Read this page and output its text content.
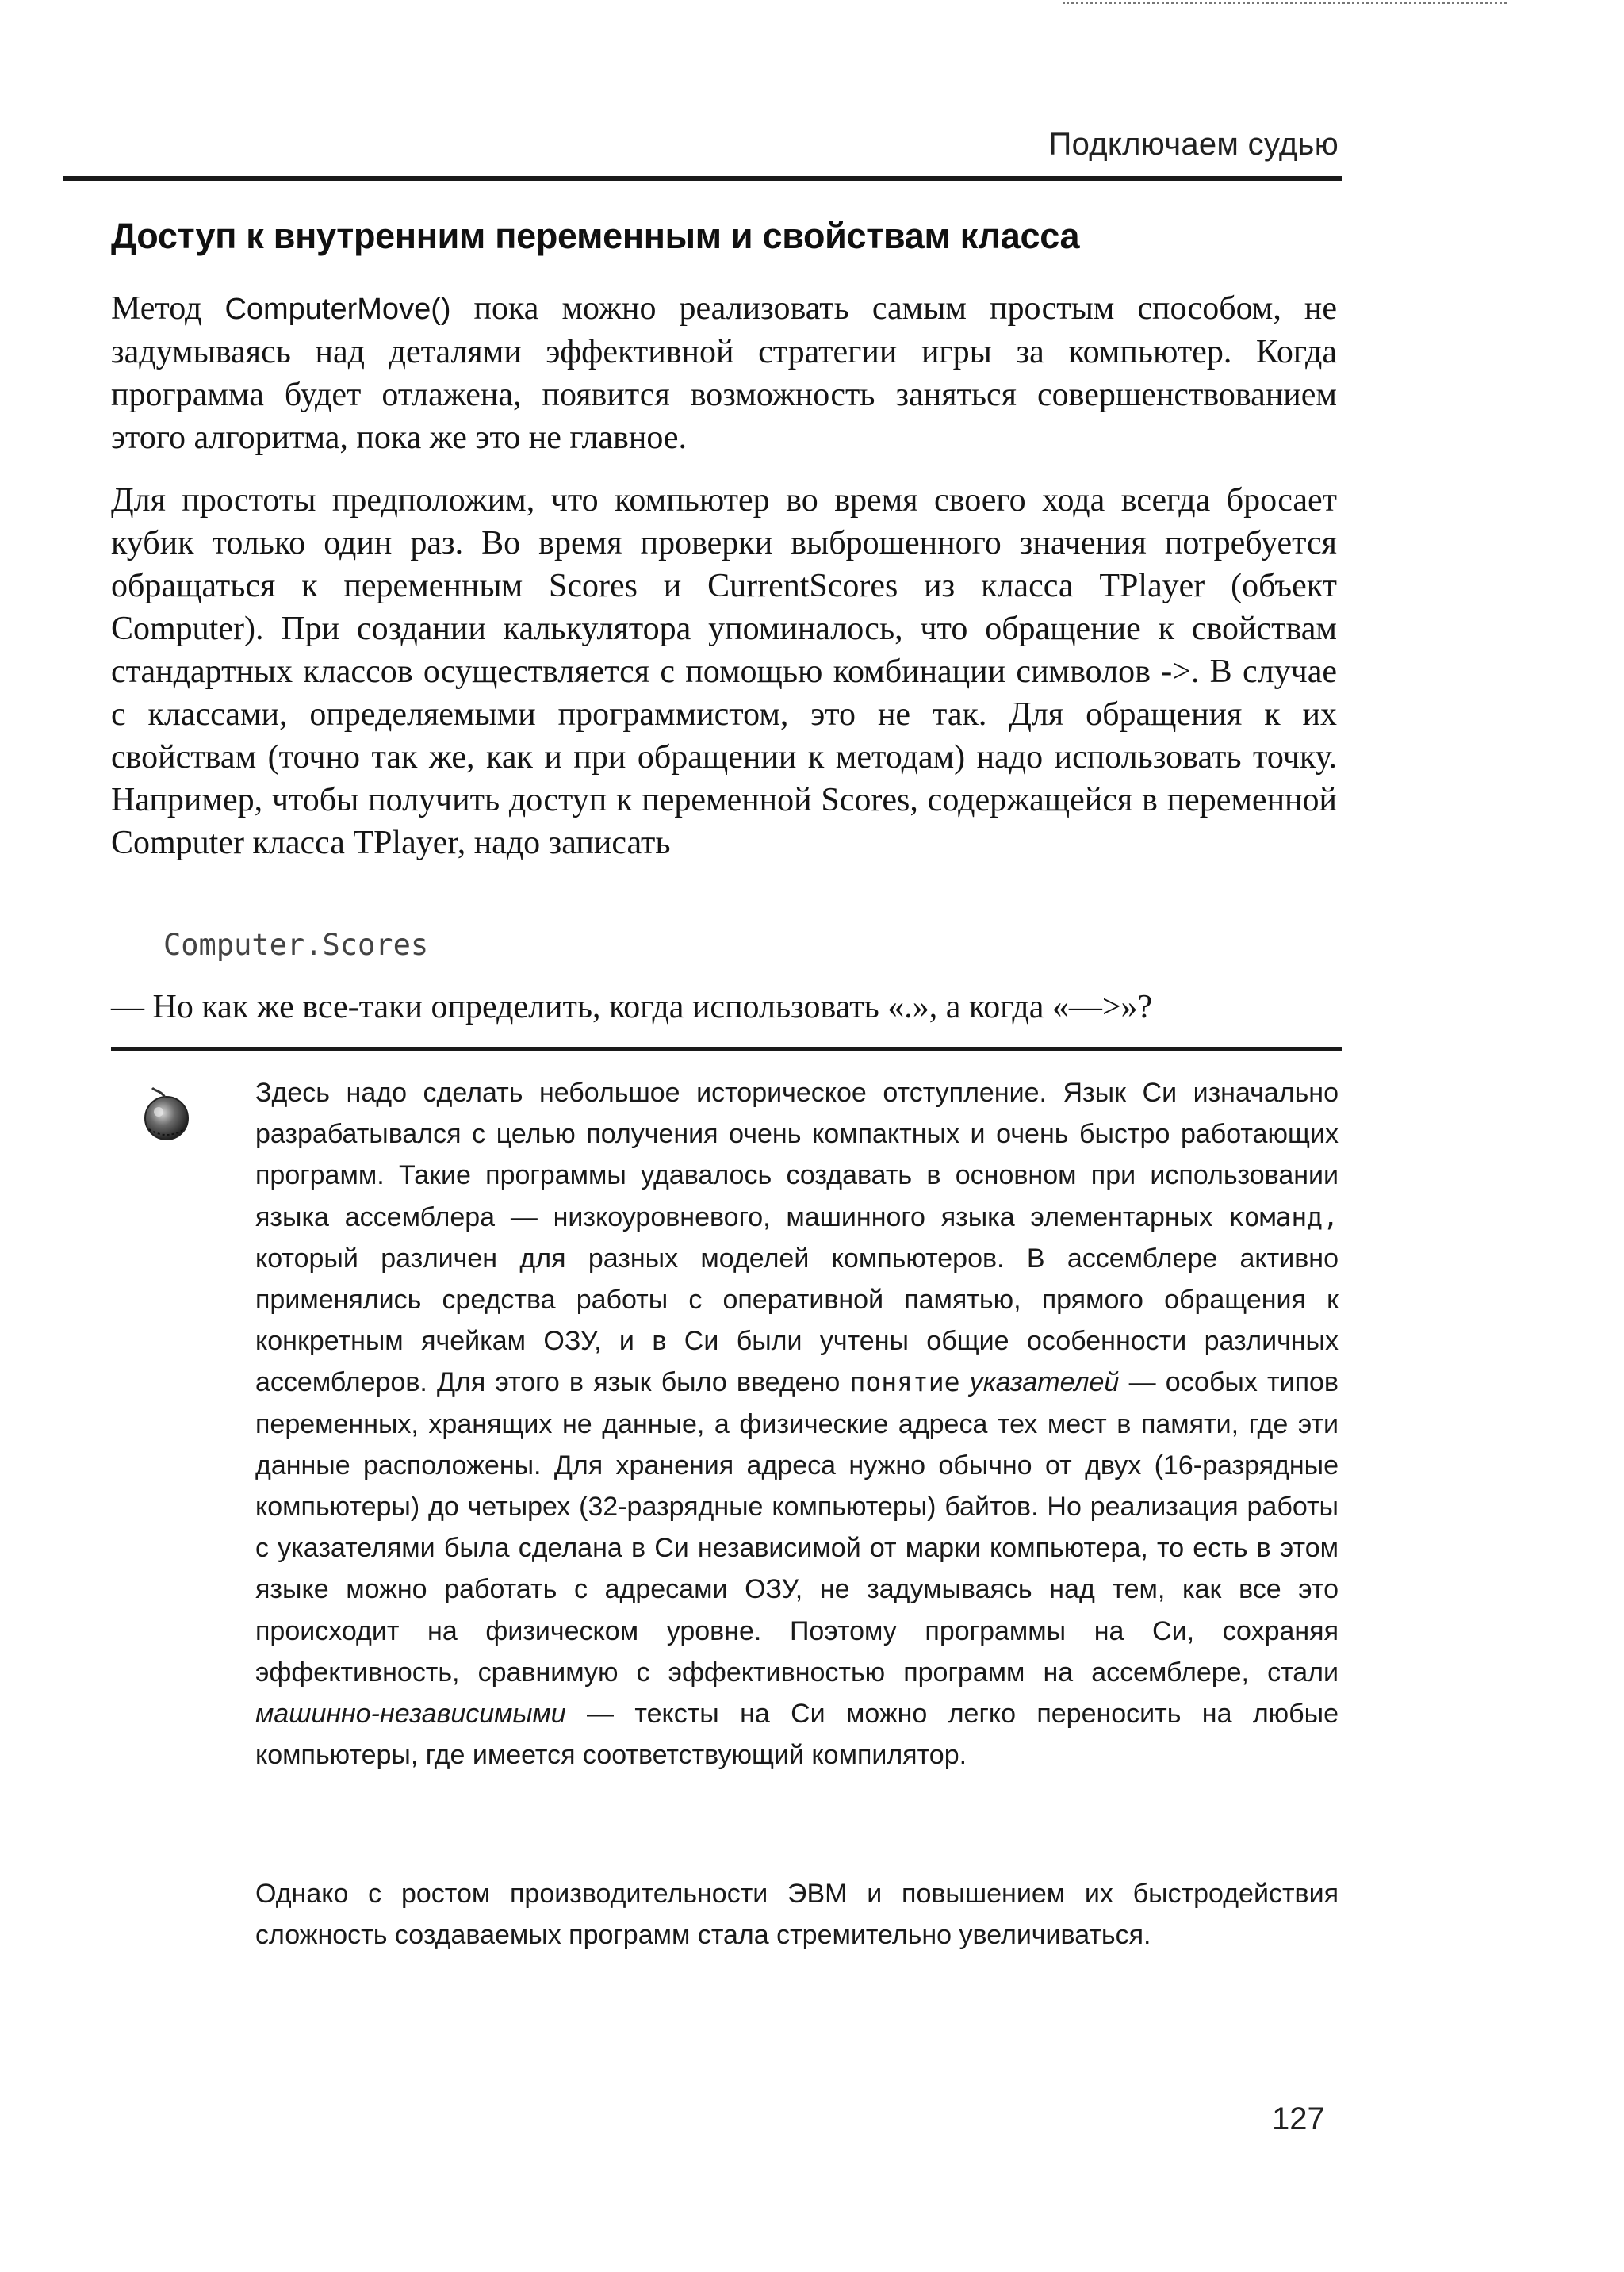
Подключаем судью
Доступ к внутренним переменным и свойствам класса

Метод ComputerMove() пока можно реализовать самым простым способом, не задумываясь над деталями эффективной стратегии игры за компьютер. Когда программа будет отлажена, появится возможность заняться совершенствованием этого алгоритма, пока же это не главное.

Для простоты предположим, что компьютер во время своего хода всегда бросает кубик только один раз. Во время проверки выброшенного значения потребуется обращаться к переменным Scores и CurrentScores из класса TPlayer (объект Computer). При создании калькулятора упоминалось, что обращение к свойствам стандартных классов осуществляется с помощью комбинации символов ->. В случае с классами, определяемыми программистом, это не так. Для обращения к их свойствам (точно так же, как и при обращении к методам) надо использовать точку. Например, чтобы получить доступ к переменной Scores, содержащейся в переменной Computer класса TPlayer, надо записать

Computer.Scores
— Но как же все-таки определить, когда использовать «.», а когда «—>»?

Здесь надо сделать небольшое историческое отступление. Язык Си изначально разрабатывался с целью получения очень компактных и очень быстро работающих программ. Такие программы удавалось создавать в основном при использовании языка ассемблера — низкоуровневого, машинного языка элементарных команд, который различен для разных моделей компьютеров. В ассемблере активно применялись средства работы с оперативной памятью, прямого обращения к конкретным ячейкам ОЗУ, и в Си были учтены общие особенности различных ассемблеров. Для этого в язык было введено понятие указателей — особых типов переменных, хранящих не данные, а физические адреса тех мест в памяти, где эти данные расположены. Для хранения адреса нужно обычно от двух (16-разрядные компьютеры) до четырех (32-разрядные компьютеры) байтов. Но реализация работы с указателями была сделана в Си независимой от марки компьютера, то есть в этом языке можно работать с адресами ОЗУ, не задумываясь над тем, как все это происходит на физическом уровне. Поэтому программы на Си, сохраняя эффективность, сравнимую с эффективностью программ на ассемблере, стали машинно-независимыми — тексты на Си можно легко переносить на любые компьютеры, где имеется соответствующий компилятор.

Однако с ростом производительности ЭВМ и повышением их быстродействия сложность создаваемых программ стала стремительно увеличиваться.

127
